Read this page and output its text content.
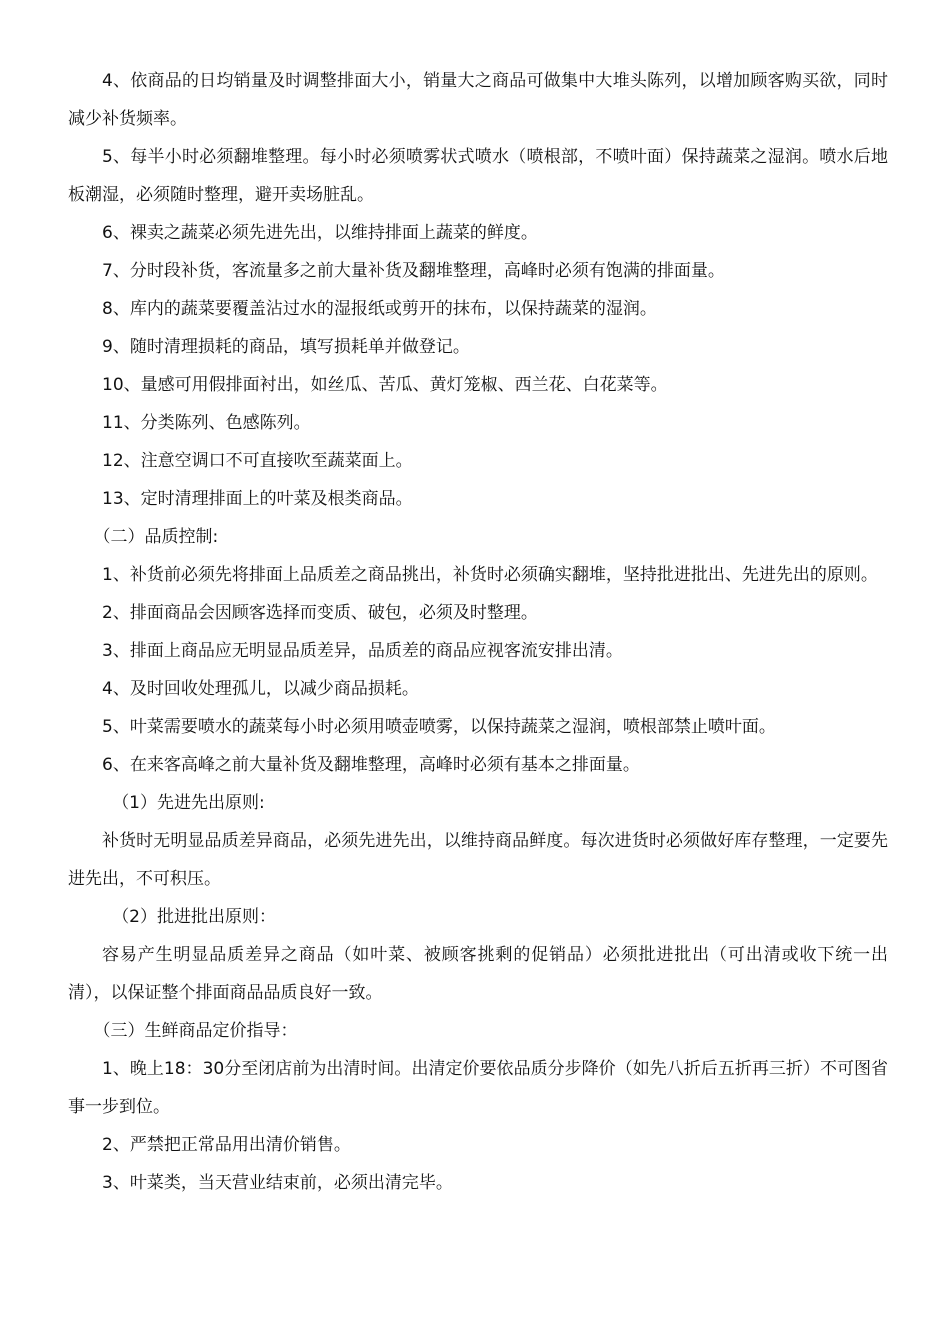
4、依商品的日均销量及时调整排面大小，销量大之商品可做集中大堆头陈列，以增加顾客购买欲，同时减少补货频率。

5、每半小时必须翻堆整理。每小时必须喷雾状式喷水（喷根部，不喷叶面）保持蔬菜之湿润。喷水后地板潮湿，必须随时整理，避开卖场脏乱。

6、裸卖之蔬菜必须先进先出，以维持排面上蔬菜的鲜度。

7、分时段补货，客流量多之前大量补货及翻堆整理，高峰时必须有饱满的排面量。

8、库内的蔬菜要覆盖沾过水的湿报纸或剪开的抹布，以保持蔬菜的湿润。

9、随时清理损耗的商品，填写损耗单并做登记。

10、量感可用假排面衬出，如丝瓜、苦瓜、黄灯笼椒、西兰花、白花菜等。

11、分类陈列、色感陈列。

12、注意空调口不可直接吹至蔬菜面上。

13、定时清理排面上的叶菜及根类商品。

（二）品质控制:

1、补货前必须先将排面上品质差之商品挑出，补货时必须确实翻堆，坚持批进批出、先进先出的原则。

2、排面商品会因顾客选择而变质、破包，必须及时整理。

3、排面上商品应无明显品质差异，品质差的商品应视客流安排出清。

4、及时回收处理孤儿，以减少商品损耗。

5、叶菜需要喷水的蔬菜每小时必须用喷壶喷雾，以保持蔬菜之湿润，喷根部禁止喷叶面。

6、在来客高峰之前大量补货及翻堆整理，高峰时必须有基本之排面量。

（1）先进先出原则:

补货时无明显品质差异商品，必须先进先出，以维持商品鲜度。每次进货时必须做好库存整理，一定要先进先出，不可积压。

（2）批进批出原则：

容易产生明显品质差异之商品（如叶菜、被顾客挑剩的促销品）必须批进批出（可出清或收下统一出清），以保证整个排面商品品质良好一致。

（三）生鲜商品定价指导：

1、晚上18：30分至闭店前为出清时间。出清定价要依品质分步降价（如先八折后五折再三折）不可图省事一步到位。

2、严禁把正常品用出清价销售。

3、叶菜类，当天营业结束前，必须出清完毕。
